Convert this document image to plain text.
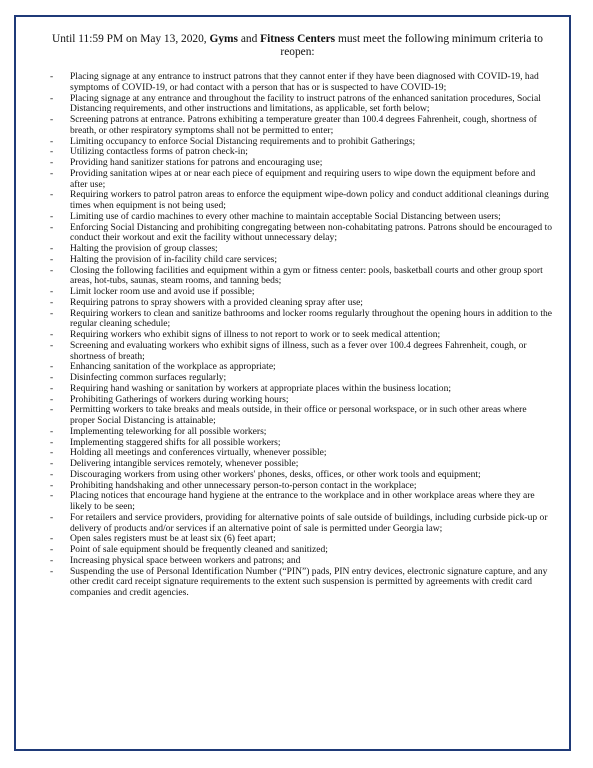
Until 11:59 PM on May 13, 2020, Gyms and Fitness Centers must meet the following minimum criteria to reopen:
- Placing signage at any entrance to instruct patrons that they cannot enter if they have been diagnosed with COVID-19, had symptoms of COVID-19, or had contact with a person that has or is suspected to have COVID-19;
- Placing signage at any entrance and throughout the facility to instruct patrons of the enhanced sanitation procedures, Social Distancing requirements, and other instructions and limitations, as applicable, set forth below;
- Screening patrons at entrance. Patrons exhibiting a temperature greater than 100.4 degrees Fahrenheit, cough, shortness of breath, or other respiratory symptoms shall not be permitted to enter;
- Limiting occupancy to enforce Social Distancing requirements and to prohibit Gatherings;
- Utilizing contactless forms of patron check-in;
- Providing hand sanitizer stations for patrons and encouraging use;
- Providing sanitation wipes at or near each piece of equipment and requiring users to wipe down the equipment before and after use;
- Requiring workers to patrol patron areas to enforce the equipment wipe-down policy and conduct additional cleanings during times when equipment is not being used;
- Limiting use of cardio machines to every other machine to maintain acceptable Social Distancing between users;
- Enforcing Social Distancing and prohibiting congregating between non-cohabitating patrons. Patrons should be encouraged to conduct their workout and exit the facility without unnecessary delay;
- Halting the provision of group classes;
- Halting the provision of in-facility child care services;
- Closing the following facilities and equipment within a gym or fitness center: pools, basketball courts and other group sport areas, hot-tubs, saunas, steam rooms, and tanning beds;
- Limit locker room use and avoid use if possible;
- Requiring patrons to spray showers with a provided cleaning spray after use;
- Requiring workers to clean and sanitize bathrooms and locker rooms regularly throughout the opening hours in addition to the regular cleaning schedule;
- Requiring workers who exhibit signs of illness to not report to work or to seek medical attention;
- Screening and evaluating workers who exhibit signs of illness, such as a fever over 100.4 degrees Fahrenheit, cough, or shortness of breath;
- Enhancing sanitation of the workplace as appropriate;
- Disinfecting common surfaces regularly;
- Requiring hand washing or sanitation by workers at appropriate places within the business location;
- Prohibiting Gatherings of workers during working hours;
- Permitting workers to take breaks and meals outside, in their office or personal workspace, or in such other areas where proper Social Distancing is attainable;
- Implementing teleworking for all possible workers;
- Implementing staggered shifts for all possible workers;
- Holding all meetings and conferences virtually, whenever possible;
- Delivering intangible services remotely, whenever possible;
- Discouraging workers from using other workers' phones, desks, offices, or other work tools and equipment;
- Prohibiting handshaking and other unnecessary person-to-person contact in the workplace;
- Placing notices that encourage hand hygiene at the entrance to the workplace and in other workplace areas where they are likely to be seen;
- For retailers and service providers, providing for alternative points of sale outside of buildings, including curbside pick-up or delivery of products and/or services if an alternative point of sale is permitted under Georgia law;
- Open sales registers must be at least six (6) feet apart;
- Point of sale equipment should be frequently cleaned and sanitized;
- Increasing physical space between workers and patrons; and
- Suspending the use of Personal Identification Number (“PIN”) pads, PIN entry devices, electronic signature capture, and any other credit card receipt signature requirements to the extent such suspension is permitted by agreements with credit card companies and credit agencies.
